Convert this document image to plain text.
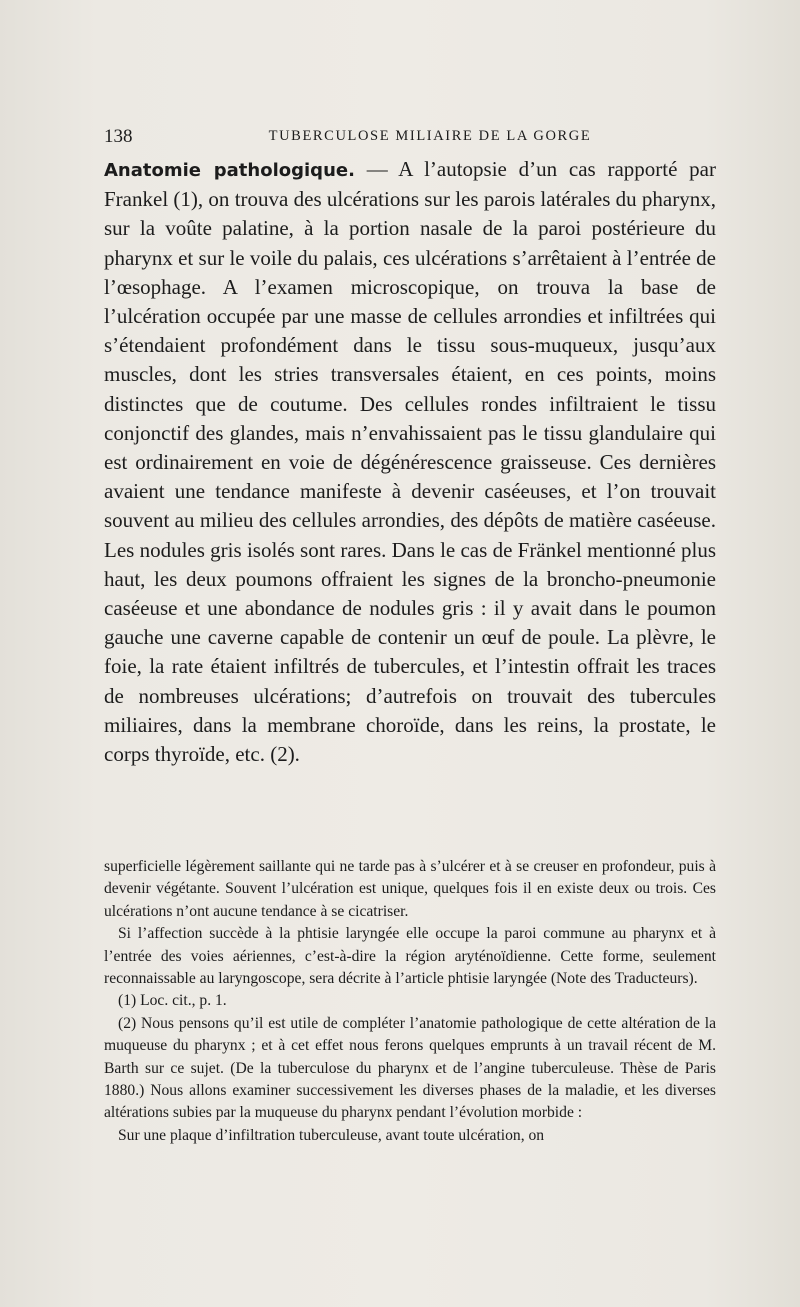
138	TUBERCULOSE MILIAIRE DE LA GORGE
Anatomie pathologique. — A l’autopsie d’un cas rapporté par Frankel (1), on trouva des ulcérations sur les parois latérales du pharynx, sur la voûte palatine, à la portion nasale de la paroi postérieure du pharynx et sur le voile du palais, ces ulcérations s’arrêtaient à l’entrée de l’œsophage. A l’examen microscopique, on trouva la base de l’ulcération occupée par une masse de cellules arrondies et infiltrées qui s’étendaient profondément dans le tissu sous-muqueux, jusqu’aux muscles, dont les stries transversales étaient, en ces points, moins distinctes que de coutume. Des cellules rondes infiltraient le tissu conjonctif des glandes, mais n’envahissaient pas le tissu glandulaire qui est ordinairement en voie de dégénérescence graisseuse. Ces dernières avaient une tendance manifeste à devenir caséeuses, et l’on trouvait souvent au milieu des cellules arrondies, des dépôts de matière caséeuse. Les nodules gris isolés sont rares. Dans le cas de Fränkel mentionné plus haut, les deux poumons offraient les signes de la broncho-pneumonie caséeuse et une abondance de nodules gris : il y avait dans le poumon gauche une caverne capable de contenir un œuf de poule. La plèvre, le foie, la rate étaient infiltrés de tubercules, et l’intestin offrait les traces de nombreuses ulcérations; d’autrefois on trouvait des tubercules miliaires, dans la membrane choroïde, dans les reins, la prostate, le corps thyroïde, etc. (2).

superficielle légèrement saillante qui ne tarde pas à s’ulcérer et à se creuser en profondeur, puis à devenir végétante. Souvent l’ulcération est unique, quelques fois il en existe deux ou trois. Ces ulcérations n’ont aucune tendance à se cicatriser.

Si l’affection succède à la phtisie laryngée elle occupe la paroi commune au pharynx et à l’entrée des voies aériennes, c’est-à-dire la région aryténoïdienne. Cette forme, seulement reconnaissable au laryngoscope, sera décrite à l’article phtisie laryngée (Note des Traducteurs).

(1) Loc. cit., p. 1.

(2) Nous pensons qu’il est utile de compléter l’anatomie pathologique de cette altération de la muqueuse du pharynx ; et à cet effet nous ferons quelques emprunts à un travail récent de M. Barth sur ce sujet. (De la tuberculose du pharynx et de l’angine tuberculeuse. Thèse de Paris 1880.) Nous allons examiner successivement les diverses phases de la maladie, et les diverses altérations subies par la muqueuse du pharynx pendant l’évolution morbide :

Sur une plaque d’infiltration tuberculeuse, avant toute ulcération, on
